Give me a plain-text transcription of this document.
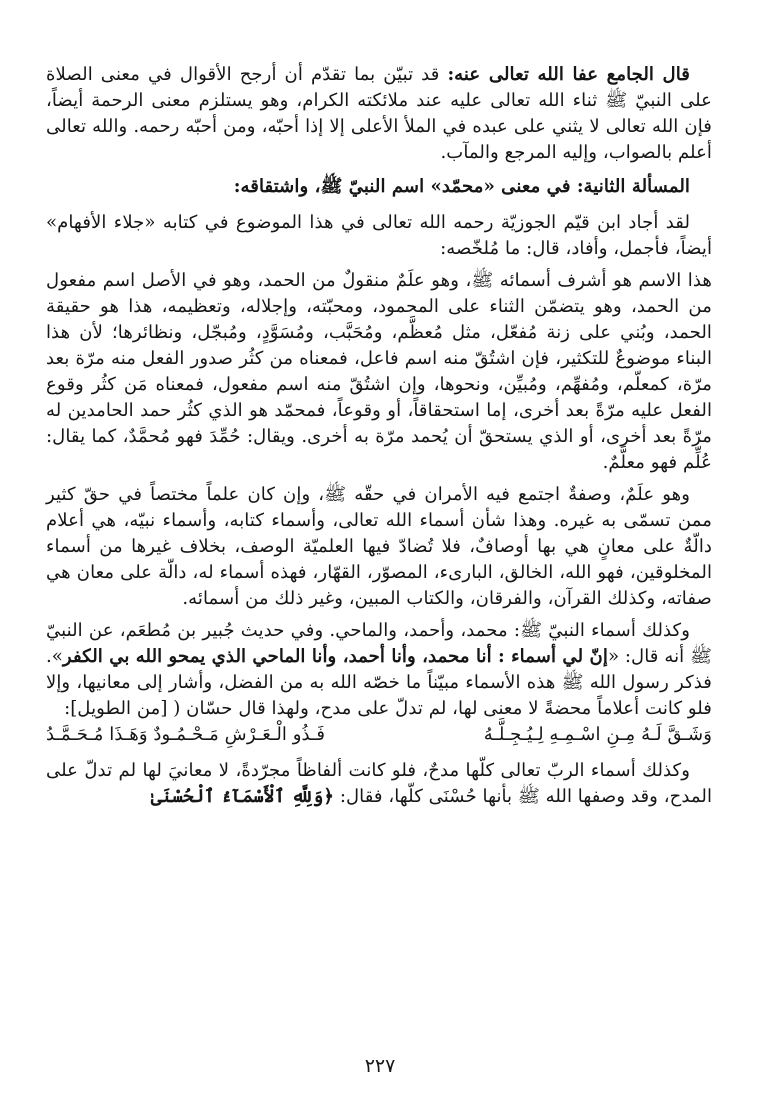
قال الجامع عفا الله تعالى عنه: قد تبيّن بما تقدّم أن أرجح الأقوال في معنى الصلاة على النبيّ ﷺ ثناء الله تعالى عليه عند ملائكته الكرام، وهو يستلزم معنى الرحمة أيضاً، فإن الله تعالى لا يثني على عبده في الملأ الأعلى إلا إذا أحبّه، ومن أحبّه رحمه. والله تعالى أعلم بالصواب، وإليه المرجع والمآب.

المسألة الثانية: في معنى «محمّد» اسم النبيّ ﷺ، واشتقاقه:

لقد أجاد ابن قيّم الجوزيّة رحمه الله تعالى في هذا الموضوع في كتابه «جلاء الأفهام» أيضاً، فأجمل، وأفاد، قال: ما مُلخّصه:

هذا الاسم هو أشرف أسمائه ﷺ، وهو علَمٌ منقولٌ من الحمد، وهو في الأصل اسم مفعول من الحمد، وهو يتضمّن الثناء على المحمود، ومحبّته، وإجلاله، وتعظيمه، هذا هو حقيقة الحمد، وبُني على زنة مُفعّل، مثل مُعظَّم، ومُحَبَّب، ومُسَوَّدٍ، ومُبجّل، ونظائرها؛ لأن هذا البناء موضوعٌ للتكثير، فإن اشتُقّ منه اسم فاعل، فمعناه من كثُر صدور الفعل منه مرّة بعد مرّة، كمعلّم، ومُفهِّم، ومُبيِّن، ونحوها، وإن اشتُقّ منه اسم مفعول، فمعناه مَن كثُر وقوع الفعل عليه مرّةً بعد أخرى، إما استحقاقاً، أو وقوعاً، فمحمّد هو الذي كثُر حمد الحامدين له مرّةً بعد أخرى، أو الذي يستحقّ أن يُحمد مرّة به أخرى. ويقال: حُمِّدَ فهو مُحمَّدٌ، كما يقال: عُلِّم فهو معلَّمٌ.

وهو علَمٌ، وصفةٌ اجتمع فيه الأمران في حقّه ﷺ، وإن كان علماً مختصاً في حقّ كثير ممن تسمّى به غيره. وهذا شأن أسماء الله تعالى، وأسماء كتابه، وأسماء نبيّه، هي أعلام دالّةٌ على معانٍ هي بها أوصافٌ، فلا تُضادّ فيها العلميّة الوصف، بخلاف غيرها من أسماء المخلوقين، فهو الله، الخالق، البارىء، المصوّر، القهّار، فهذه أسماء له، دالّة على معان هي صفاته، وكذلك القرآن، والفرقان، والكتاب المبين، وغير ذلك من أسمائه.

وكذلك أسماء النبيّ ﷺ: محمد، وأحمد، والماحي. وفي حديث جُبير بن مُطعَم، عن النبيّ ﷺ أنه قال: «إنّ لي أسماء : أنا محمد، وأنا أحمد، وأنا الماحي الذي يمحو الله بي الكفر». فذكر رسول الله ﷺ هذه الأسماء مبيّناً ما خصّه الله به من الفضل، وأشار إلى معانيها، وإلا فلو كانت أعلاماً محضةً لا معنى لها، لم تدلّ على مدح، ولهذا قال حسّان ( [من الطويل]:

وَشَـقَّ لَـهُ مِـنِ اسْـمِـهِ لِـيُـجِـلَّـهُ
فَـذُو الْـعَـرْشِ مَـحْـمُـودٌ وَهَـذَا مُـحَـمَّـدُ

وكذلك أسماء الربّ تعالى كلّها مدحٌ، فلو كانت ألفاظاً مجرّدةً، لا معانيَ لها لم تدلّ على المدح، وقد وصفها الله ﷺ بأنها حُسْنَى كلّها، فقال: ﴿وَلِلَّهِ ٱلْأَسْمَآءُ ٱلْحُسْنَىٰ

٢٢٧
